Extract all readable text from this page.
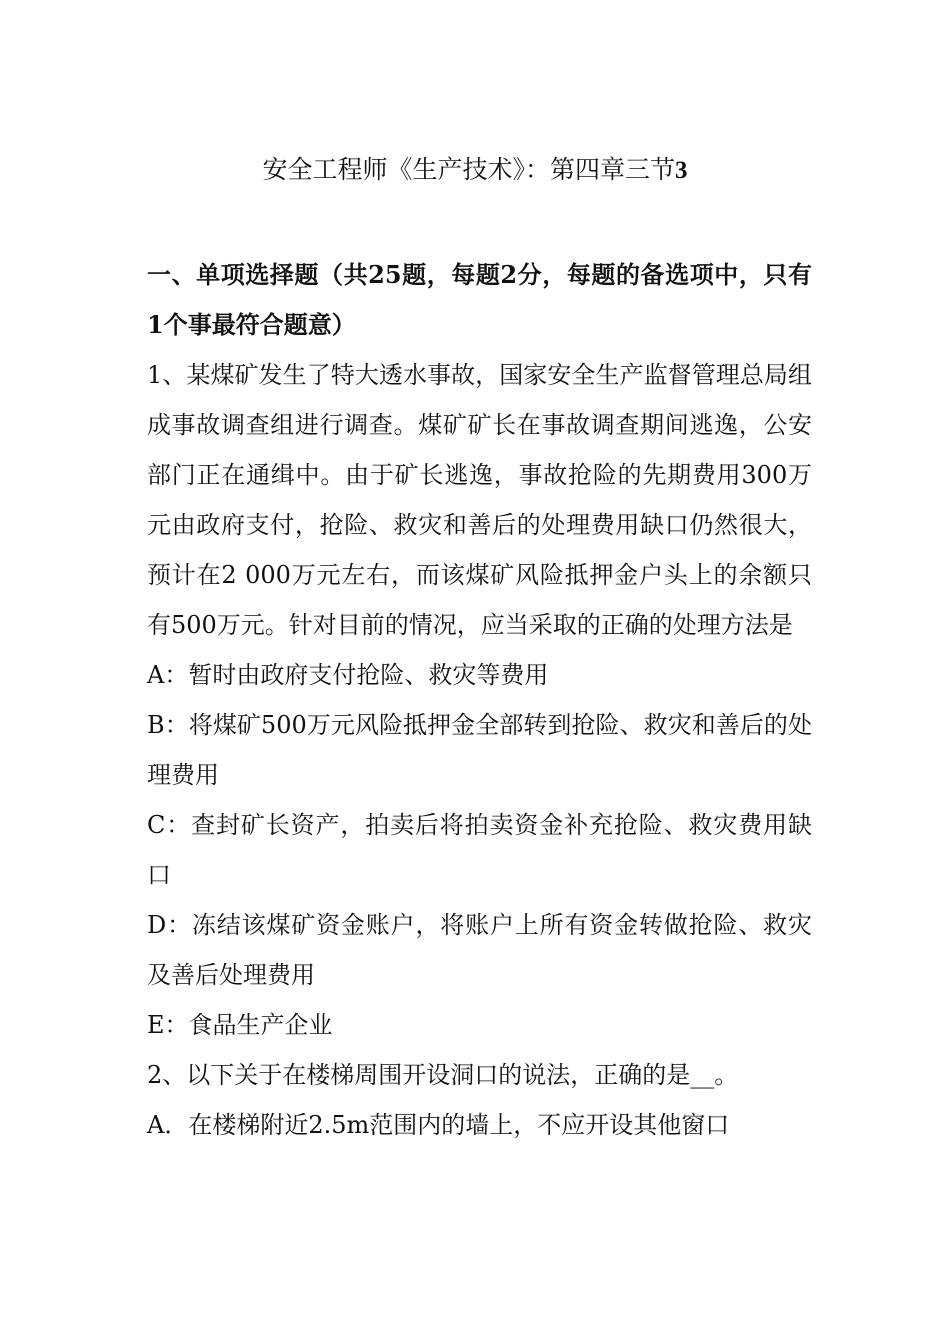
安全工程师《生产技术》：第四章三节3

一、单项选择题（共25题，每题2分，每题的备选项中，只有1个事最符合题意）

1、某煤矿发生了特大透水事故，国家安全生产监督管理总局组成事故调查组进行调查。煤矿矿长在事故调查期间逃逸，公安部门正在通缉中。由于矿长逃逸，事故抢险的先期费用300万元由政府支付，抢险、救灾和善后的处理费用缺口仍然很大，预计在2 000万元左右，而该煤矿风险抵押金户头上的余额只有500万元。针对目前的情况，应当采取的正确的处理方法是

A：暂时由政府支付抢险、救灾等费用

B：将煤矿500万元风险抵押金全部转到抢险、救灾和善后的处理费用

C：查封矿长资产，拍卖后将拍卖资金补充抢险、救灾费用缺口

D：冻结该煤矿资金账户，将账户上所有资金转做抢险、救灾及善后处理费用

E：食品生产企业

2、以下关于在楼梯周围开设洞口的说法，正确的是__。

A．在楼梯附近2.5m范围内的墙上，不应开设其他窗口
